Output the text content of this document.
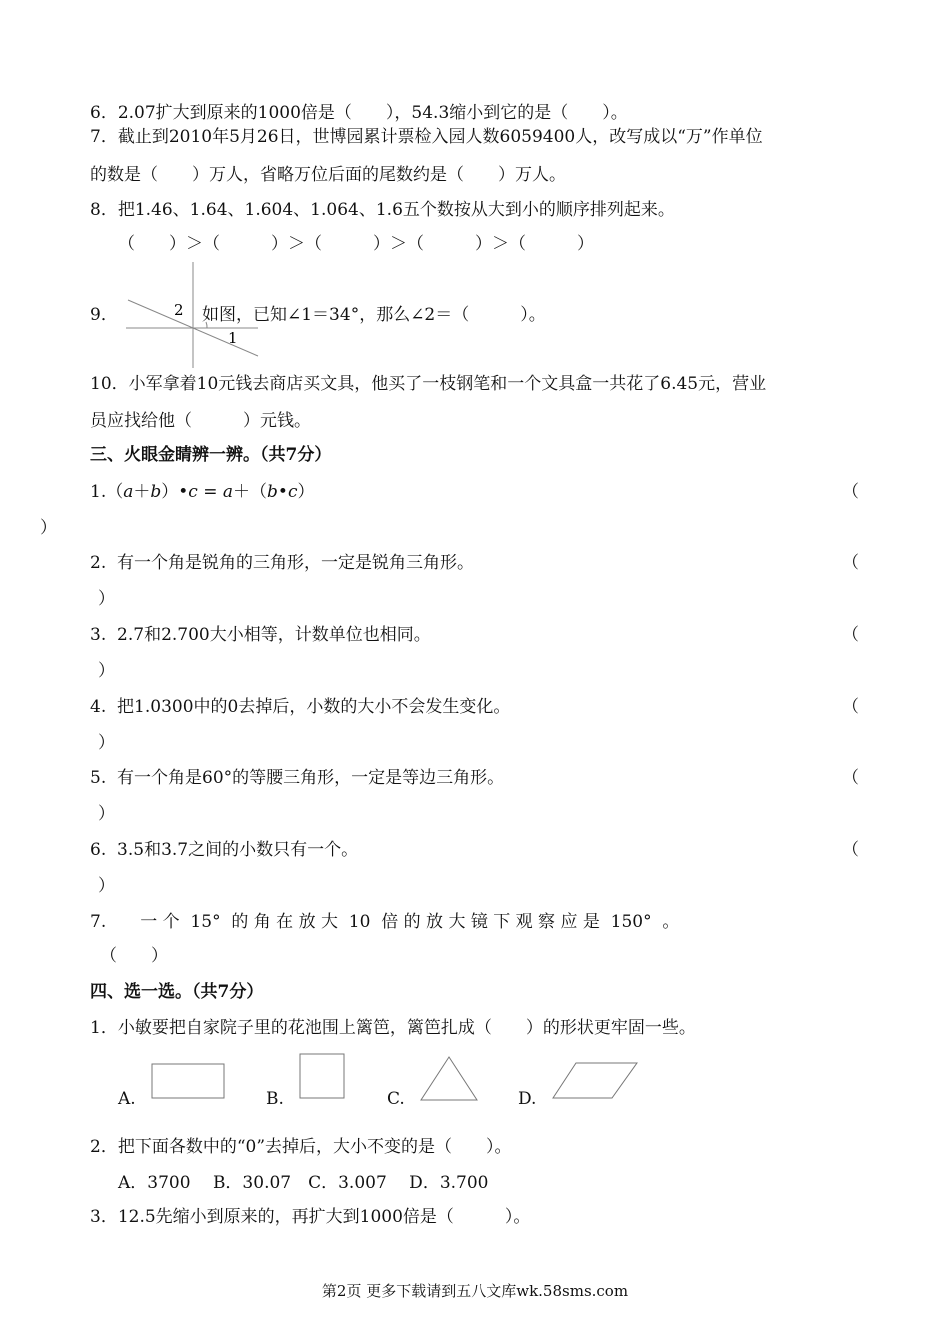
6．2.07扩大到原来的1000倍是（　　），54.3缩小到它的是（　　）。
7．截止到2010年5月26日，世博园累计票检入园人数6059400人，改写成以“万”作单位
的数是（　　）万人，省略万位后面的尾数约是（　　）万人。
8．把1.46、1.64、1.604、1.064、1.6五个数按从大到小的顺序排列起来。
（　　）＞（　　　）＞（　　　）＞（　　　）＞（　　　）
9．	2
1
如图，已知∠1＝34°，那么∠2＝（　　　）。
10．小军拿着10元钱去商店买文具，他买了一枝钢笔和一个文具盒一共花了6.45元，营业
员应找给他（　　　）元钱。
三、火眼金睛辨一辨。（共7分）
1.（a＋b）•c = a＋（b•c）	（
）
2.  有一个角是锐角的三角形，一定是锐角三角形。	（
）
3.  2.7和2.700大小相等，计数单位也相同。	（
）
4.  把1.0300中的0去掉后，小数的大小不会发生变化。	（
）
5.  有一个角是60°的等腰三角形，一定是等边三角形。	（
）
6.  3.5和3.7之间的小数只有一个。	（
）
7.　　一 个  15°  的 角 在 放 大  10  倍 的 放 大 镜 下 观 察 应 是  150°  。
（　　）
四、选一选。（共7分）
1．小敏要把自家院子里的花池围上篱笆，篱笆扎成（　　）的形状更牢固一些。
A.	B.	C.	D.
2．把下面各数中的“0”去掉后，大小不变的是（　　）。
A．3700　 B．30.07　C．3.007　 D．3.700
3．12.5先缩小到原来的，再扩大到1000倍是（　　　）。
第2页 更多下载请到五八文库wk.58sms.com
